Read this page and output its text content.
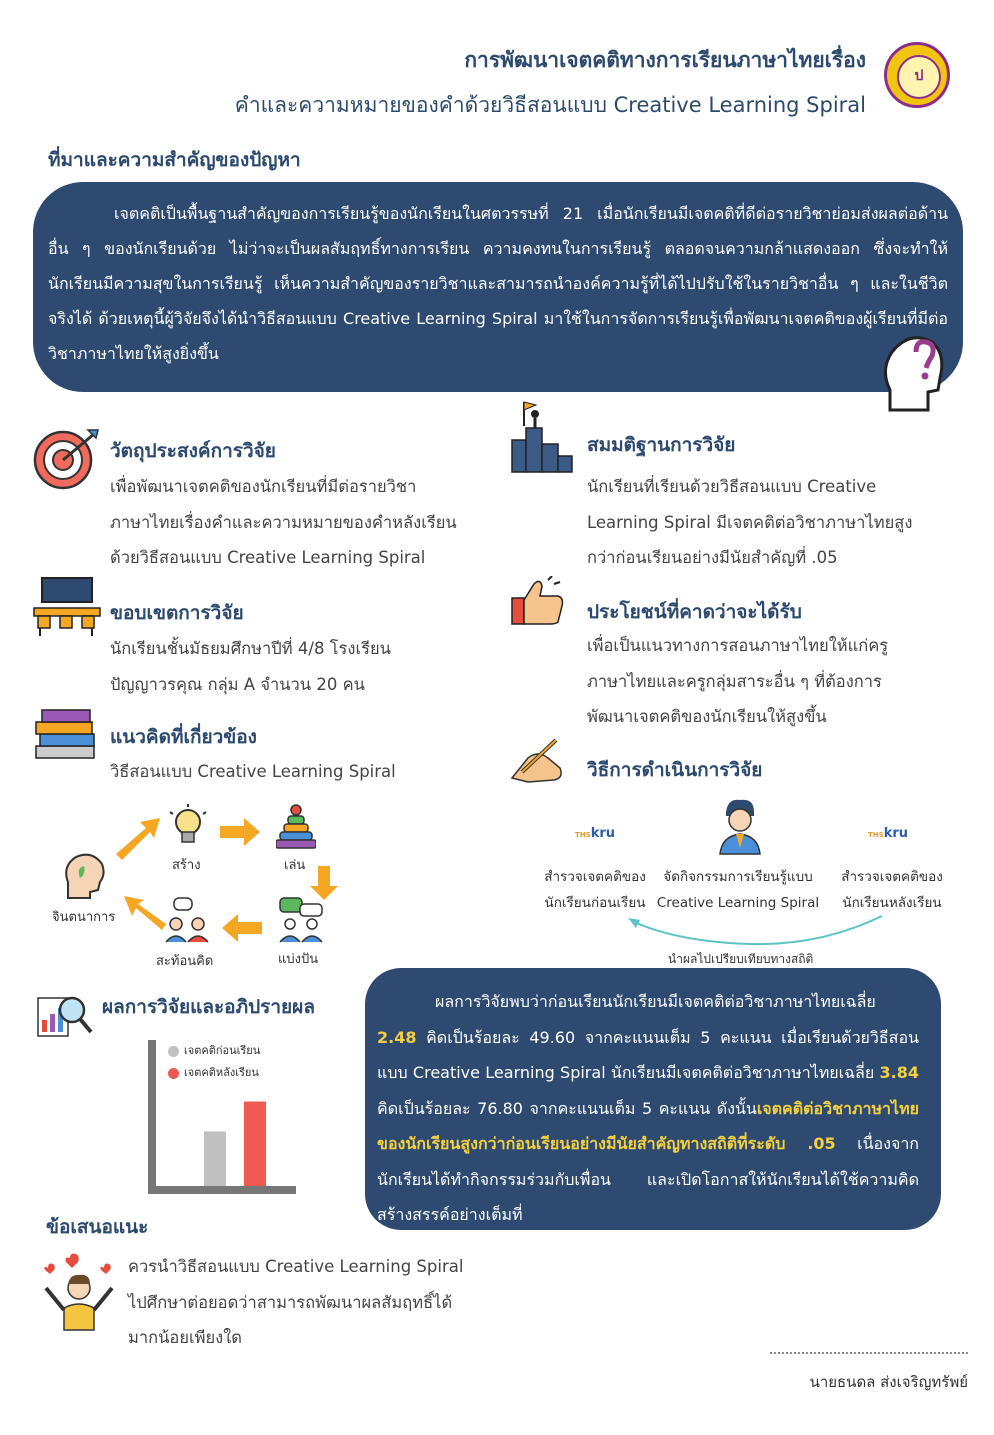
การพัฒนาเจตคติทางการเรียนภาษาไทยเรื่อง
คำและความหมายของคำด้วยวิธีสอนแบบ Creative Learning Spiral
ป
ที่มาและความสำคัญของปัญหา
เจตคติเป็นพื้นฐานสำคัญของการเรียนรู้ของนักเรียนในศตวรรษที่ 21 เมื่อนักเรียนมีเจตคติที่ดีต่อรายวิชาย่อมส่งผลต่อด้านอื่น ๆ ของนักเรียนด้วย ไม่ว่าจะเป็นผลสัมฤทธิ์ทางการเรียน ความคงทนในการเรียนรู้ ตลอดจนความกล้าแสดงออก ซึ่งจะทำให้นักเรียนมีความสุขในการเรียนรู้ เห็นความสำคัญของรายวิชาและสามารถนำองค์ความรู้ที่ได้ไปปรับใช้ในรายวิชาอื่น ๆ และในชีวิตจริงได้ ด้วยเหตุนี้ผู้วิจัยจึงได้นำวิธีสอนแบบ Creative Learning Spiral มาใช้ในการจัดการเรียนรู้เพื่อพัฒนาเจตคติของผู้เรียนที่มีต่อวิชาภาษาไทยให้สูงยิ่งขึ้น
วัตถุประสงค์การวิจัย
เพื่อพัฒนาเจตคติของนักเรียนที่มีต่อรายวิชา
ภาษาไทยเรื่องคำและความหมายของคำหลังเรียน
ด้วยวิธีสอนแบบ Creative Learning Spiral
สมมติฐานการวิจัย
นักเรียนที่เรียนด้วยวิธีสอนแบบ Creative
Learning Spiral มีเจตคติต่อวิชาภาษาไทยสูง
กว่าก่อนเรียนอย่างมีนัยสำคัญที่ .05
ขอบเขตการวิจัย
นักเรียนชั้นมัธยมศึกษาปีที่ 4/8 โรงเรียน
ปัญญาวรคุณ กลุ่ม A จำนวน 20 คน
ประโยชน์ที่คาดว่าจะได้รับ
เพื่อเป็นแนวทางการสอนภาษาไทยให้แก่ครู
ภาษาไทยและครูกลุ่มสาระอื่น ๆ ที่ต้องการ
พัฒนาเจตคติของนักเรียนให้สูงขึ้น
แนวคิดที่เกี่ยวข้อง
วิธีสอนแบบ Creative Learning Spiral
จินตนาการ
สร้าง	เล่น
แบ่งปัน
สะท้อนคิด
วิธีการดำเนินการวิจัย
THSkru	THSkru
สำรวจเจตคติของ
นักเรียนก่อนเรียน
จัดกิจกรรมการเรียนรู้แบบ
Creative Learning Spiral
สำรวจเจตคติของ
นักเรียนหลังเรียน
นำผลไปเปรียบเทียบทางสถิติ
ผลการวิจัยและอภิปรายผล
เจตคติก่อนเรียน
เจตคติหลังเรียน
ผลการวิจัยพบว่าก่อนเรียนนักเรียนมีเจตคติต่อวิชาภาษาไทยเฉลี่ย 2.48 คิดเป็นร้อยละ 49.60 จากคะแนนเต็ม 5 คะแนน เมื่อเรียนด้วยวิธีสอนแบบ Creative Learning Spiral นักเรียนมีเจตคติต่อวิชาภาษาไทยเฉลี่ย 3.84 คิดเป็นร้อยละ 76.80 จากคะแนนเต็ม 5 คะแนน ดังนั้นเจตคติต่อวิชาภาษาไทยของนักเรียนสูงกว่าก่อนเรียนอย่างมีนัยสำคัญทางสถิติที่ระดับ .05 เนื่องจากนักเรียนได้ทำกิจกรรมร่วมกับเพื่อน และเปิดโอกาสให้นักเรียนได้ใช้ความคิดสร้างสรรค์อย่างเต็มที่
ข้อเสนอแนะ
ควรนำวิธีสอนแบบ Creative Learning Spiral
ไปศึกษาต่อยอดว่าสามารถพัฒนาผลสัมฤทธิ์ได้
มากน้อยเพียงใด
นายธนดล ส่งเจริญทรัพย์
